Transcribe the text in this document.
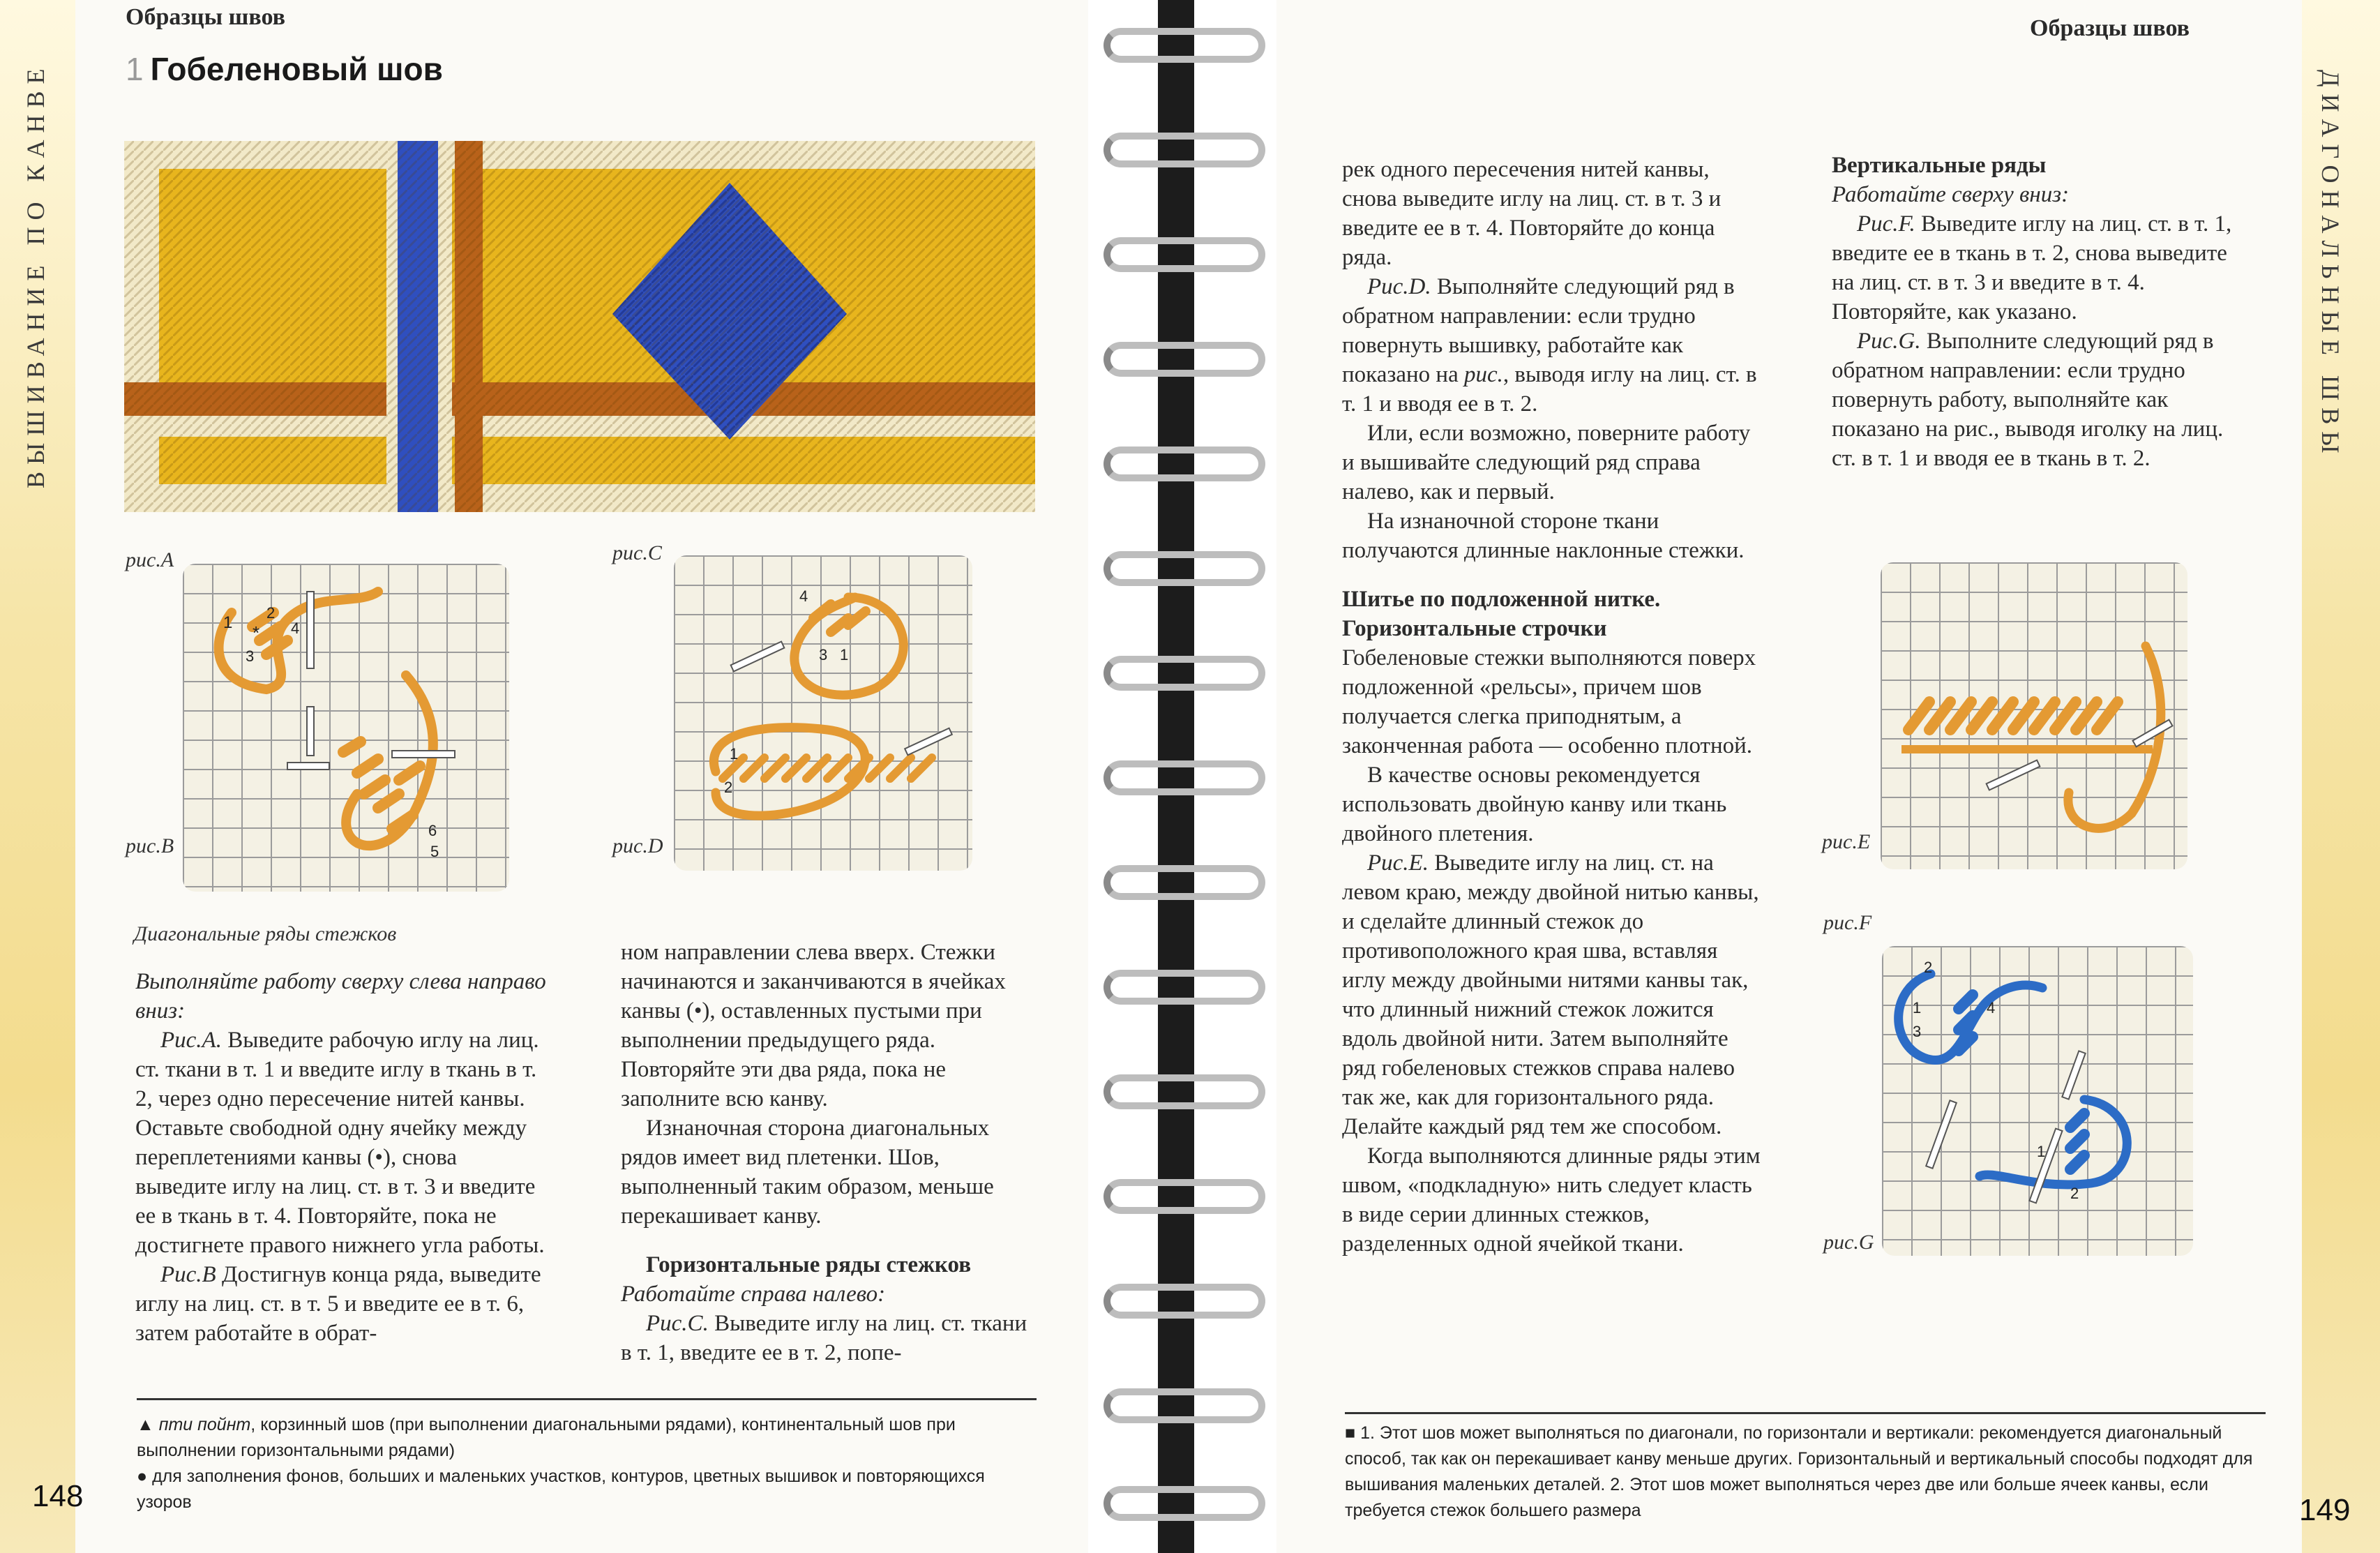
ВЫШИВАНИЕ ПО КАНВЕ
Образцы швов
1 Гобеленовый шов
рис.A
1
2
3
4
*
6
5
рис.B
рис.C
4
3 1
1
2
рис.D
Диагональные ряды стежков

Выполняйте работу сверху слева направо вниз:

Рис.А. Выведите рабочую иглу на лиц. ст. ткани в т. 1 и введите иглу в ткань в т. 2, через одно пересечение нитей канвы. Оставьте свободной одну ячейку между переплетениями канвы (•), снова выведите иглу на лиц. ст. в т. 3 и введите ее в ткань в т. 4. Повторяйте, пока не достигнете правого нижнего угла работы.

Рис.В Достигнув конца ряда, выведите иглу на лиц. ст. в т. 5 и введите ее в т. 6, затем работайте в обрат-

ном направлении слева вверх. Стежки начинаются и заканчиваются в ячейках канвы (•), оставленных пустыми при выполнении предыдущего ряда. Повторяйте эти два ряда, пока не заполните всю канву.

Изнаночная сторона диагональных рядов имеет вид плетенки. Шов, выполненный таким образом, меньше перекашивает канву.

Горизонтальные ряды стежков

Работайте справа налево:

Рис.С. Выведите иглу на лиц. ст. ткани в т. 1, введите ее в т. 2, попе-

▲ пти пойнт, корзинный шов (при выполнении диагональными рядами), континентальный шов при выполнении горизонтальными рядами)
● для заполнения фонов, больших и маленьких участков, контуров, цветных вышивок и повторяющихся узоров
148
Образцы швов
ДИАГОНАЛЬНЫЕ ШВЫ

рек одного пересечения нитей канвы, снова выведите иглу на лиц. ст. в т. 3 и введите ее в т. 4. Повторяйте до конца ряда.

Рис.D. Выполняйте следующий ряд в обратном направлении: если трудно повернуть вышивку, работайте как показано на рис., выводя иглу на лиц. ст. в т. 1 и вводя ее в т. 2.

Или, если возможно, поверните работу и вышивайте следующий ряд справа налево, как и первый.

На изнаночной стороне ткани получаются длинные наклонные стежки.

Шитье по подложенной нитке.

Горизонтальные строчки

Гобеленовые стежки выполняются поверх подложенной «рельсы», причем шов получается слегка приподнятым, а законченная работа — особенно плотной.

В качестве основы рекомендуется использовать двойную канву или ткань двойного плетения.

Рис.Е. Выведите иглу на лиц. ст. на левом краю, между двойной нитью канвы, и сделайте длинный стежок до противоположного края шва, вставляя иглу между двойными нитями канвы так, что длинный нижний стежок ложится вдоль двойной нити. Затем выполняйте ряд гобеленовых стежков справа налево так же, как для горизонтального ряда. Делайте каждый ряд тем же способом.

Когда выполняются длинные ряды этим швом, «подкладную» нить следует класть в виде серии длинных стежков, разделенных одной ячейкой ткани.

Вертикальные ряды

Работайте сверху вниз:

Рис.F. Выведите иглу на лиц. ст. в т. 1, введите ее в ткань в т. 2, снова выведите на лиц. ст. в т. 3 и введите в т. 4. Повторяйте, как указано.

Рис.G. Выполните следующий ряд в обратном направлении: если трудно повернуть работу, выполняйте как показано на рис., выводя иголку на лиц. ст. в т. 1 и вводя ее в ткань в т. 2.

рис.E
рис.F
1
2
3
4
1
2
рис.G
■ 1. Этот шов может выполняться по диагонали, по горизонтали и вертикали: рекомендуется диагональный способ, так как он перекашивает канву меньше других. Горизонтальный и вертикальный способы подходят для вышивания маленьких деталей. 2. Этот шов может выполняться через две или больше ячеек канвы, если требуется стежок большего размера	149
